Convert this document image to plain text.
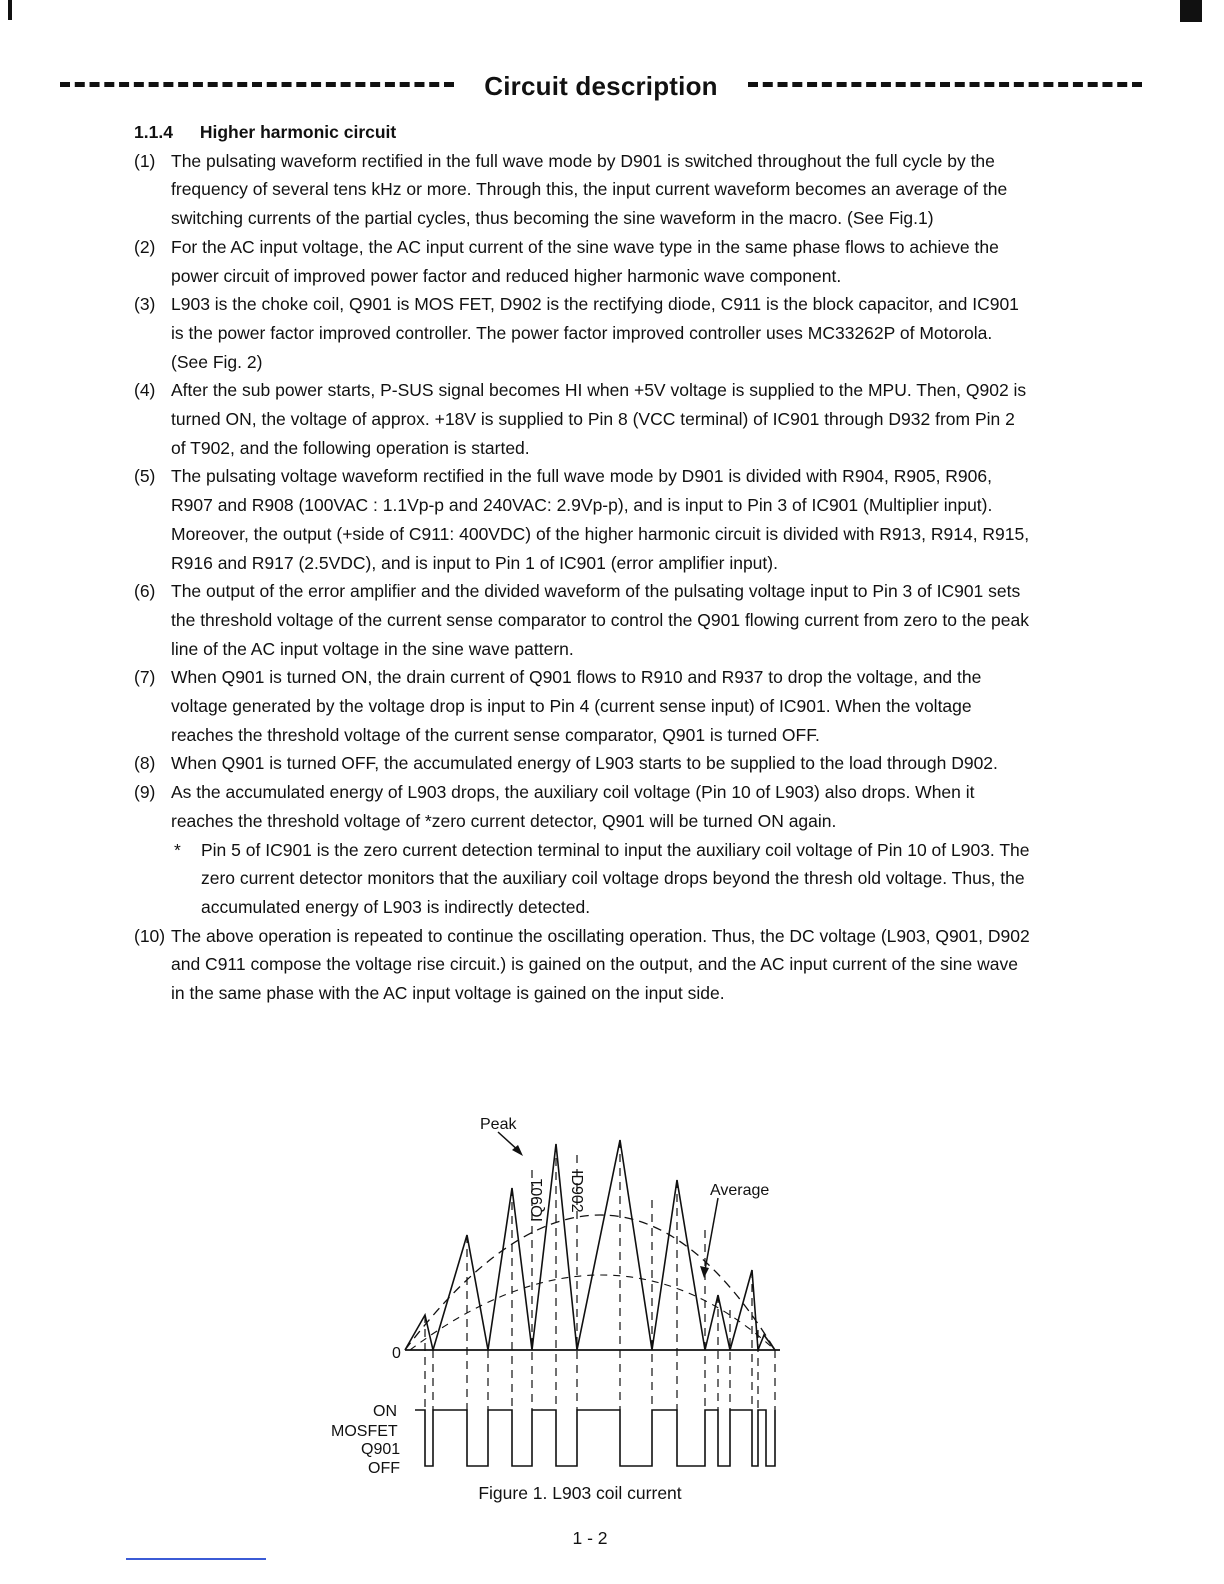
Circuit description
1.1.4 Higher harmonic circuit
(1) The pulsating waveform rectified in the full wave mode by D901 is switched throughout the full cycle by the frequency of several tens kHz or more. Through this, the input current waveform becomes an average of the switching currents of the partial cycles, thus becoming the sine waveform in the macro. (See Fig.1)
(2) For the AC input voltage, the AC input current of the sine wave type in the same phase flows to achieve the power circuit of improved power factor and reduced higher harmonic wave component.
(3) L903 is the choke coil, Q901 is MOS FET, D902 is the rectifying diode, C911 is the block capacitor, and IC901 is the power factor improved controller. The power factor improved controller uses MC33262P of Motorola. (See Fig. 2)
(4) After the sub power starts, P-SUS signal becomes HI when +5V voltage is supplied to the MPU. Then, Q902 is turned ON, the voltage of approx. +18V is supplied to Pin 8 (VCC terminal) of IC901 through D932 from Pin 2 of T902, and the following operation is started.
(5) The pulsating voltage waveform rectified in the full wave mode by D901 is divided with R904, R905, R906, R907 and R908 (100VAC : 1.1Vp-p and 240VAC: 2.9Vp-p), and is input to Pin 3 of IC901 (Multiplier input). Moreover, the output (+side of C911: 400VDC) of the higher harmonic circuit is divided with R913, R914, R915, R916 and R917 (2.5VDC), and is input to Pin 1 of IC901 (error amplifier input).
(6) The output of the error amplifier and the divided waveform of the pulsating voltage input to Pin 3 of IC901 sets the threshold voltage of the current sense comparator to control the Q901 flowing current from zero to the peak line of the AC input voltage in the sine wave pattern.
(7) When Q901 is turned ON, the drain current of Q901 flows to R910 and R937 to drop the voltage, and the voltage generated by the voltage drop is input to Pin 4 (current sense input) of IC901. When the voltage reaches the threshold voltage of the current sense comparator, Q901 is turned OFF.
(8) When Q901 is turned OFF, the accumulated energy of L903 starts to be supplied to the load through D902.
(9) As the accumulated energy of L903 drops, the auxiliary coil voltage (Pin 10 of L903) also drops. When it reaches the threshold voltage of *zero current detector, Q901 will be turned ON again.
*	Pin 5 of IC901 is the zero current detection terminal to input the auxiliary coil voltage of Pin 10 of L903. The zero current detector monitors that the auxiliary coil voltage drops beyond the thresh old voltage. Thus, the accumulated energy of L903 is indirectly detected.
(10) The above operation is repeated to continue the oscillating operation. Thus, the DC voltage (L903, Q901, D902 and C911 compose the voltage rise circuit.) is gained on the output, and the AC input current of the sine wave in the same phase with the AC input voltage is gained on the input side.
Peak
Average
IQ901 ID902
0
ON
MOSFET
Q901
OFF
Figure 1. L903 coil current
1 - 2
